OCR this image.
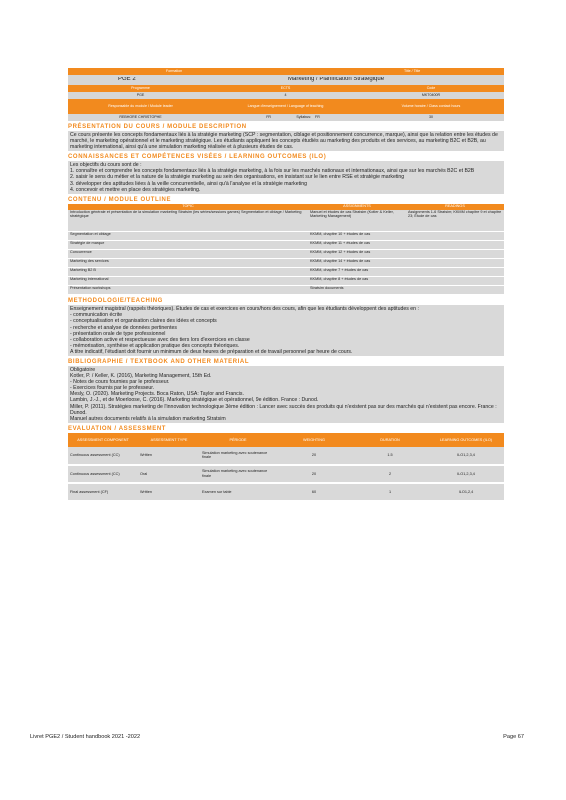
Formation	Title / Title
PGE 2	Marketing / Planification Stratégique
Programme	ECTS	Code
PGE	4	MKT0400R
Responsable du module / Module leader	Langue d'enseignement / Language of teaching	Volume horaire / Class contact hours
REBHORE CHRISTOPHE	FR	Syllabus:	FR	30
PRÉSENTATION DU COURS / MODULE DESCRIPTION
Ce cours présente les concepts fondamentaux liés à la stratégie marketing (SCP : segmentation, ciblage et positionnement concurrence, marque), ainsi que la relation entre les études de marché, le marketing opérationnel et le marketing stratégique. Les étudiants appliquent les concepts étudiés au marketing des produits et des services, au marketing B2C et B2B, au marketing international, ainsi qu'à une simulation marketing réalisée et à plusieurs études de cas.
CONNAISSANCES ET COMPÉTENCES VISÉES / LEARNING OUTCOMES (ILO)

Les objectifs du cours sont de :

1. connaître et comprendre les concepts fondamentaux liés à la stratégie marketing, à la fois sur les marchés nationaux et internationaux, ainsi que sur les marchés B2C et B2B

2. saisir le sens du métier et la nature de la stratégie marketing au sein des organisations, en insistant sur le lien entre RSE et stratégie marketing

3. développer des aptitudes liées à la veille concurrentielle, ainsi qu'à l'analyse et la stratégie marketing

4. concevoir et mettre en place des stratégies marketing.

CONTENU / MODULE OUTLINE
TOPIC	ASSIGNMENTS	READINGS
Introduction générale et présentation de la simulation marketing Stratsim (les séries/sessions games) Segmentation et ciblage / Marketing stratégique	Manuel et études de cas Stratsim (Kotler & Keller, Marketing Management)	Assignments 1-6 Stratsim; KKMM chapitre 9 et chapitre 23; Étude de cas
Segmentation et ciblage	KKMM, chapitre 10 + études de cas	
Stratégie de marque	KKMM, chapitre 11 + études de cas	
Concurrence	KKMM, chapitre 12 + études de cas	
Marketing des services	KKMM, chapitre 14 + études de cas	
Marketing B2 B	KKMM, chapitre 7 + études de cas	
Marketing international	KKMM, chapitre 8 + études de cas	
Présentation workshops	Stratsim documents	
METHODOLOGIE/TEACHING

Enseignement magistral (rappels théoriques). Études de cas et exercices en cours/hors des cours, afin que les étudiants développent des aptitudes en :

- communication écrite

- conceptualisation et organisation claires des idées et concepts

- recherche et analyse de données pertinentes

- présentation orale de type professionnel

- collaboration active et respectueuse avec des tiers lors d'exercices en classe

- mémorisation, synthèse et application pratique des concepts théoriques.

A titre indicatif, l'étudiant doit fournir un minimum de deux heures de préparation et de travail personnel par heure de cours.

BIBLIOGRAPHIE / TEXTBOOK AND OTHER MATERIAL

Obligatoire

Kotler, P. / Keller, K. (2016), Marketing Management, 15th Ed.

- Notes de cours fournies par le professeur.

- Exercices fournis par le professeur.

Mesly, O. (2020). Marketing Projects. Boca Raton, USA: Taylor and Francis.

Lambin, J.-J., et de Moerloose, C. (2016). Marketing stratégique et opérationnel, 9e édition. France : Dunod.

Miller, P. (2011). Stratégies marketing de l'innovation technologique 3ème édition : Lancer avec succès des produits qui n'existent pas sur des marchés qui n'existent pas encore. France : Dunod.

Manuel autres documents relatifs à la simulation marketing Stratsim

EVALUATION / ASSESSMENT
ASSESSMENT COMPONENT	ASSESSMENT TYPE	PÉRIODE	WEIGHTING	DURATION	LEARNING OUTCOMES (ILO)
Continuous assessment (CC)	Written	Simulation marketing avec soutenance finale	20	1.5	ILO1,2,3,4
Continuous assessment (CC)	Oral	Simulation marketing avec soutenance finale	20	2	ILO1,2,3,4
Final assessment (CF)	Written	Examen sur table	60	1	ILO1,2,4
Livret PGE2 / Student handbook 2021 -2022	Page 67
